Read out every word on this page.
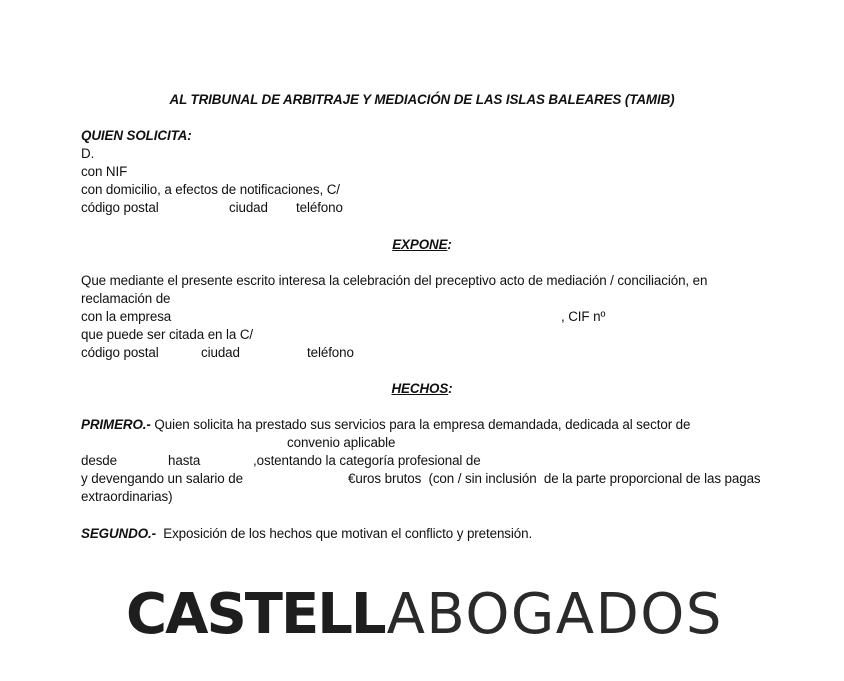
AL TRIBUNAL DE ARBITRAJE Y MEDIACIÓN DE LAS ISLAS BALEARES (TAMIB)
QUIEN SOLICITA:
D.
con NIF
con domicilio, a efectos de notificaciones, C/
código postal	ciudad teléfono
EXPONE:
Que mediante el presente escrito interesa la celebración del preceptivo acto de mediación / conciliación, en
reclamación de
con la empresa	, CIF nº
que puede ser citada en la C/
código postal	ciudad	teléfono
HECHOS:
PRIMERO.- Quien solicita ha prestado sus servicios para la empresa demandada, dedicada al sector de
convenio aplicable
desde	hasta	,ostentando la categoría profesional de
y devengando un salario de	€uros brutos  (con / sin inclusión  de la parte proporcional de las pagas
extraordinarias)
SEGUNDO.-  Exposición de los hechos que motivan el conflicto y pretensión.
CASTELL ABOGADOS
